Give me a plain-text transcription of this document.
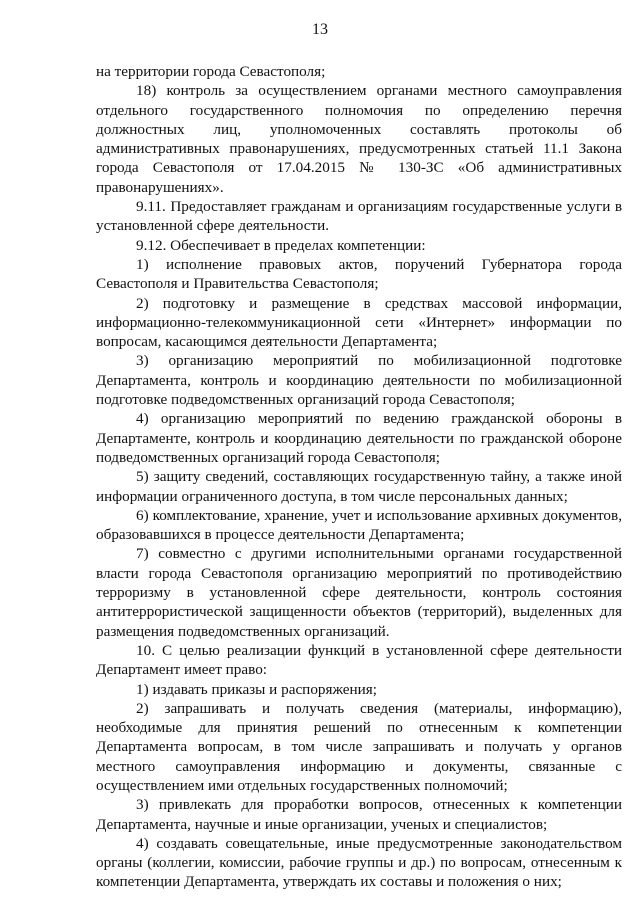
13

на территории города Севастополя;

18) контроль за осуществлением органами местного самоуправления отдельного государственного полномочия по определению перечня должностных лиц, уполномоченных составлять протоколы об административных правонарушениях, предусмотренных статьей 11.1 Закона города Севастополя от 17.04.2015 № 130-ЗС «Об административных правонарушениях».

9.11. Предоставляет гражданам и организациям государственные услуги в установленной сфере деятельности.

9.12. Обеспечивает в пределах компетенции:

1) исполнение правовых актов, поручений Губернатора города Севастополя и Правительства Севастополя;

2) подготовку и размещение в средствах массовой информации, информационно-телекоммуникационной сети «Интернет» информации по вопросам, касающимся деятельности Департамента;

3) организацию мероприятий по мобилизационной подготовке Департамента, контроль и координацию деятельности по мобилизационной подготовке подведомственных организаций города Севастополя;

4) организацию мероприятий по ведению гражданской обороны в Департаменте, контроль и координацию деятельности по гражданской обороне подведомственных организаций города Севастополя;

5) защиту сведений, составляющих государственную тайну, а также иной информации ограниченного доступа, в том числе персональных данных;

6) комплектование, хранение, учет и использование архивных документов, образовавшихся в процессе деятельности Департамента;

7) совместно с другими исполнительными органами государственной власти города Севастополя организацию мероприятий по противодействию терроризму в установленной сфере деятельности, контроль состояния антитеррористической защищенности объектов (территорий), выделенных для размещения подведомственных организаций.

10. С целью реализации функций в установленной сфере деятельности Департамент имеет право:

1) издавать приказы и распоряжения;

2) запрашивать и получать сведения (материалы, информацию), необходимые для принятия решений по отнесенным к компетенции Департамента вопросам, в том числе запрашивать и получать у органов местного самоуправления информацию и документы, связанные с осуществлением ими отдельных государственных полномочий;

3) привлекать для проработки вопросов, отнесенных к компетенции Департамента, научные и иные организации, ученых и специалистов;

4) создавать совещательные, иные предусмотренные законодательством органы (коллегии, комиссии, рабочие группы и др.) по вопросам, отнесенным к компетенции Департамента, утверждать их составы и положения о них;
